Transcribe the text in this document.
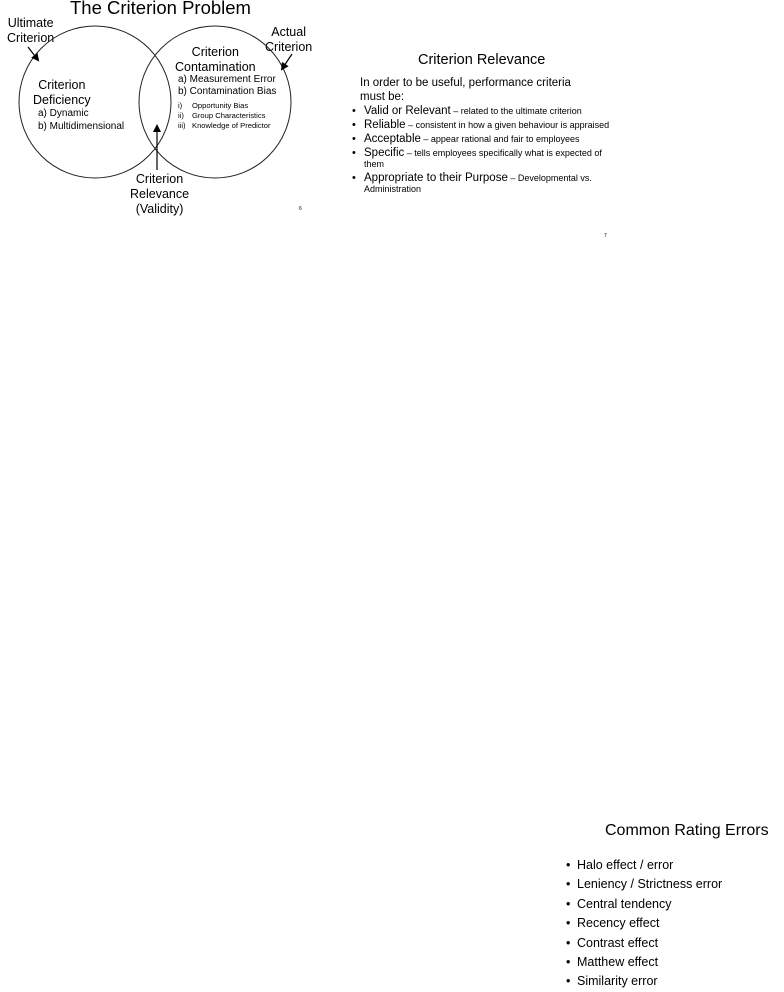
The Criterion Problem
Ultimate
Criterion	Actual
Criterion
Criterion
Deficiency
a) Dynamic
b) Multidimensional
Criterion
Contamination
a) Measurement Error
b) Contamination Bias
i) Opportunity Bias
ii) Group Characteristics
iii) Knowledge of Predictor
Criterion
Relevance
(Validity)	6
Criterion Relevance
In order to be useful, performance criteria
must be:
• Valid or Relevant – related to the ultimate criterion
• Reliable – consistent in how a given behaviour is appraised
• Acceptable – appear rational and fair to employees
• Specific – tells employees specifically what is expected of them
• Appropriate to their Purpose – Developmental vs. Administration
7
Common Rating Errors
• Halo effect / error
• Leniency / Strictness error
• Central tendency
• Recency effect
• Contrast effect
• Matthew effect
• Similarity error
